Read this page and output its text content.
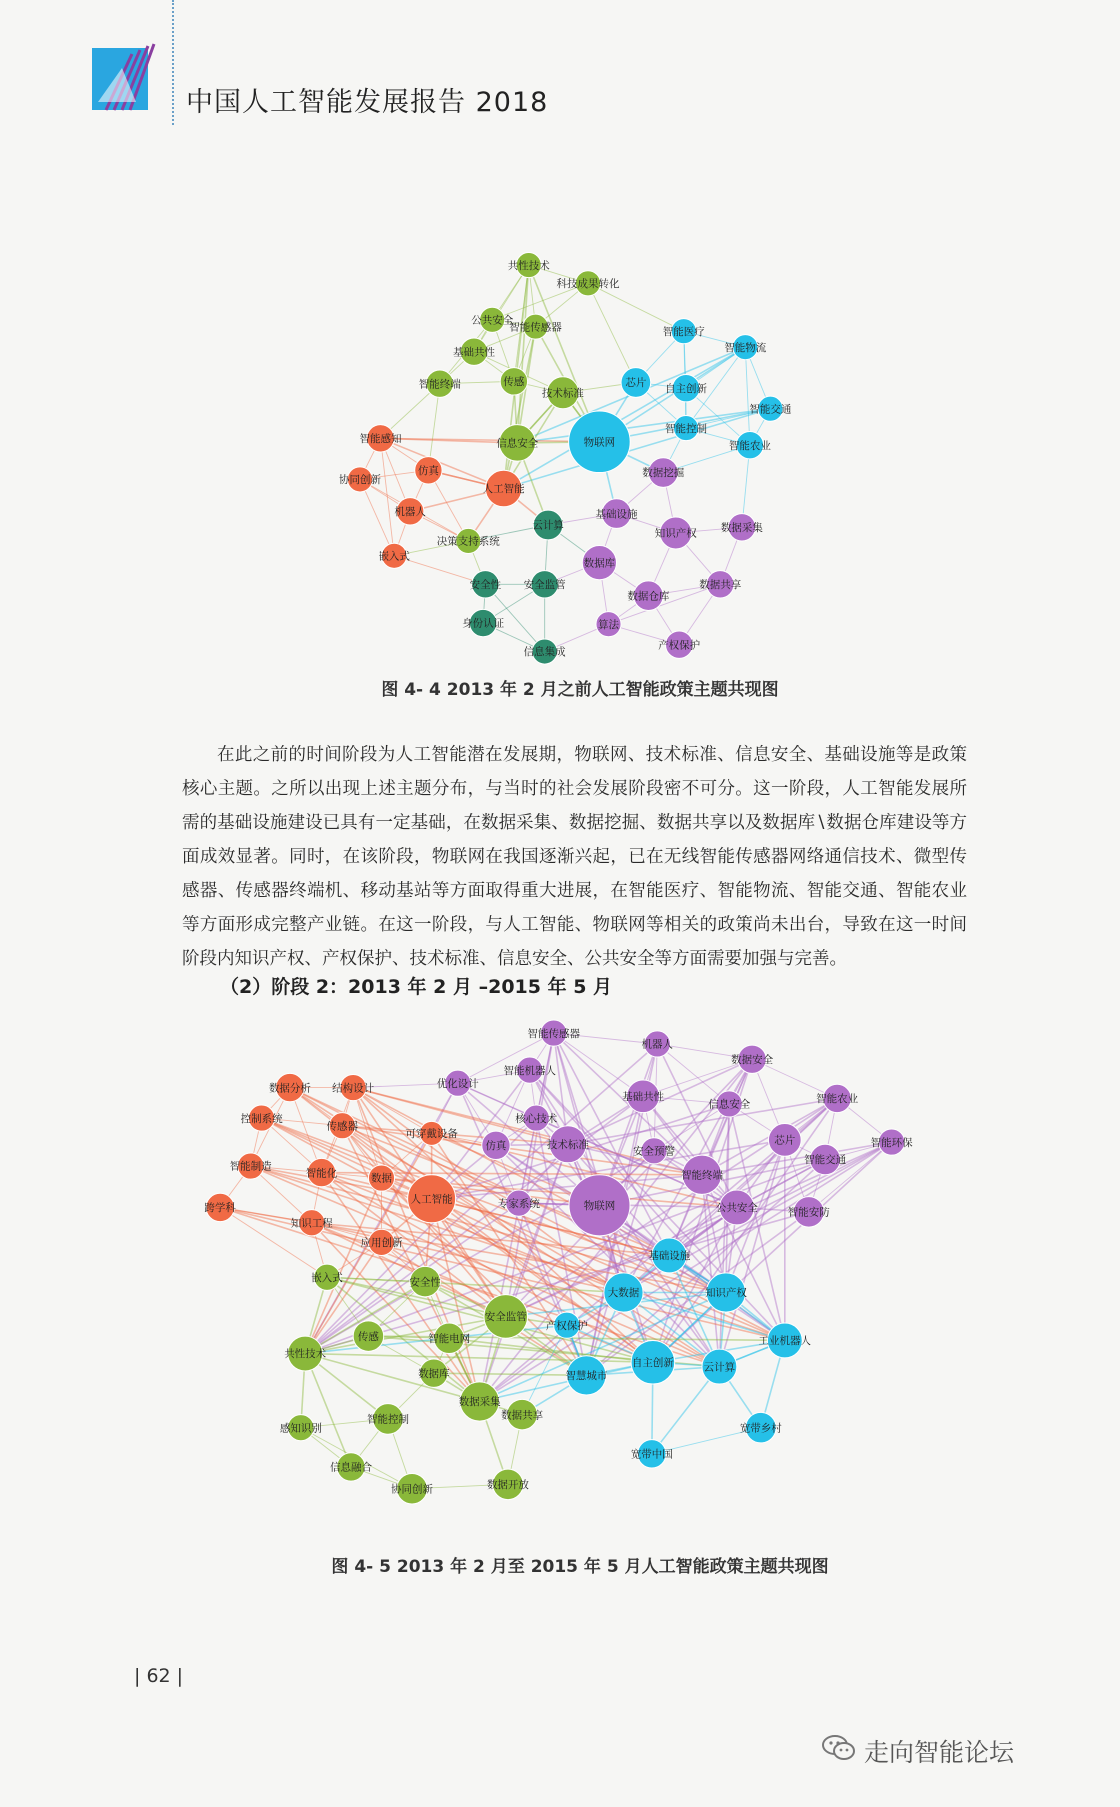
中国人工智能发展报告 2018
共性技术
科技成果转化
公共安全
智能传感器
基础共性
智能医疗
智能物流
智能终端	传感
技术标准
芯片 自主创新
智能交通
智能控制
智能农业
智能感知	信息安全	物联网
仿真
协同创新
数据挖掘
人工智能
机器人	基础设施
云计算
知识产权 数据采集
决策支持系统
嵌入式
数据库
安全性 安全监管	数据共享
数据仓库
身份认证	算法
信息集成
产权保护
图 4- 4 2013 年 2 月之前人工智能政策主题共现图
在此之前的时间阶段为人工智能潜在发展期，物联网、技术标准、信息安全、基础设施等是政策核心主题。之所以出现上述主题分布，与当时的社会发展阶段密不可分。这一阶段，人工智能发展所需的基础设施建设已具有一定基础，在数据采集、数据挖掘、数据共享以及数据库∖数据仓库建设等方面成效显著。同时，在该阶段，物联网在我国逐渐兴起，已在无线智能传感器网络通信技术、微型传感器、传感器终端机、移动基站等方面取得重大进展，在智能医疗、智能物流、智能交通、智能农业等方面形成完整产业链。在这一阶段，与人工智能、物联网等相关的政策尚未出台，导致在这一时间阶段内知识产权、产权保护、技术标准、信息安全、公共安全等方面需要加强与完善。
（2）阶段 2：2013 年 2 月 –2015 年 5 月
智能传感器
机器人
智能机器人
数据安全
优化设计
数据分析 结构设计
基础共性
信息安全	智能农业
核心技术
控制系统
传感器
可穿戴设备
仿真	技术标准
安全预警
芯片	智能环保
智能交通
智能制造
智能化	数据	智能终端
人工智能	专家系统	物联网	公共安全	智能安防
跨学科
知识工程
应用创新
基础设施
嵌入式	安全性
大数据	知识产权
安全监管
传感	智能电网
产权保护
工业机器人
共性技术
数据库	智慧城市
自主创新	云计算
数据采集
数据共享
智能控制
感知识别	宽带乡村
宽带中国
信息融合
协同创新	数据开放
图 4- 5 2013 年 2 月至 2015 年 5 月人工智能政策主题共现图
| 62 |
走向智能论坛
